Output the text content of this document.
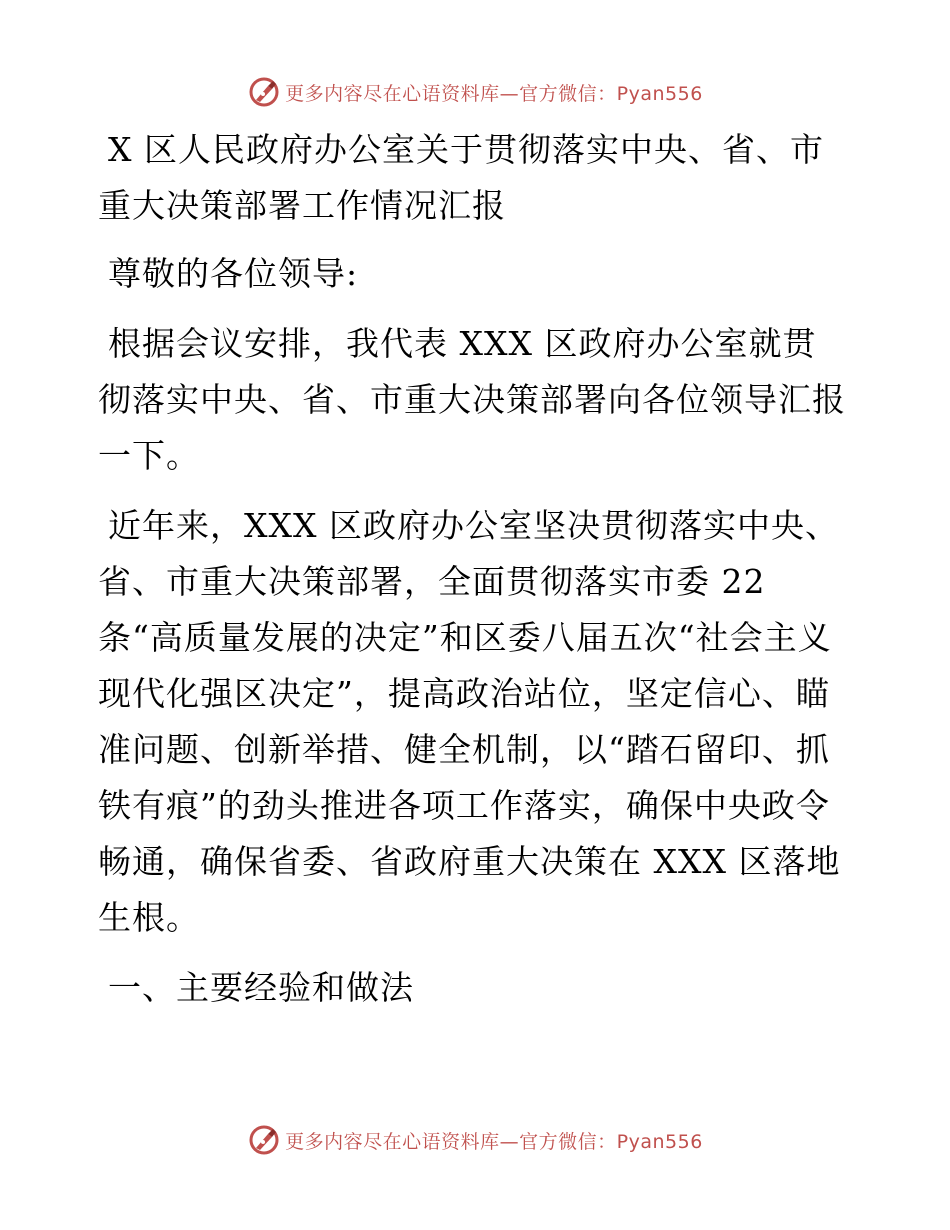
更多内容尽在心语资料库—官方微信：Pyan556

X 区人民政府办公室关于贯彻落实中央、省、市重大决策部署工作情况汇报

尊敬的各位领导:

根据会议安排，我代表 XXX 区政府办公室就贯彻落实中央、省、市重大决策部署向各位领导汇报一下。

近年来，XXX 区政府办公室坚决贯彻落实中央、省、市重大决策部署，全面贯彻落实市委 22 条“高质量发展的决定”和区委八届五次“社会主义现代化强区决定”，提高政治站位，坚定信心、瞄准问题、创新举措、健全机制，以“踏石留印、抓铁有痕”的劲头推进各项工作落实，确保中央政令畅通，确保省委、省政府重大决策在 XXX 区落地生根。

一、主要经验和做法

更多内容尽在心语资料库—官方微信：Pyan556
